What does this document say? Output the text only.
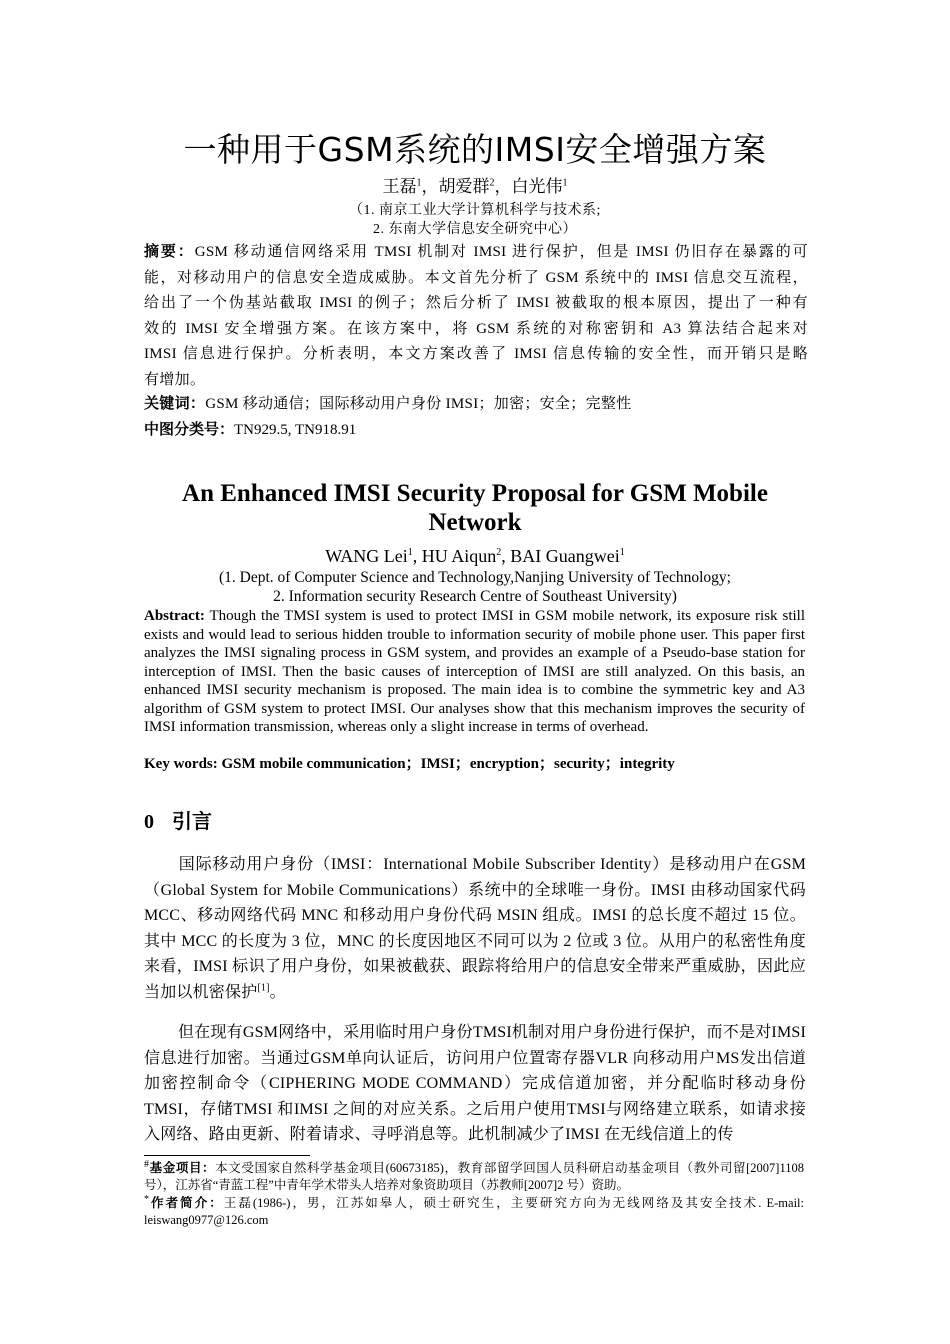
一种用于GSM系统的IMSI安全增强方案
王磊$^1$，胡爱群$^2$，白光伟$^1$
（1. 南京工业大学计算机科学与技术系;
2. 东南大学信息安全研究中心）
摘要：GSM 移动通信网络采用 TMSI 机制对 IMSI 进行保护，但是 IMSI 仍旧存在暴露的可
能，对移动用户的信息安全造成威胁。本文首先分析了 GSM 系统中的 IMSI 信息交互流程，
给出了一个伪基站截取 IMSI 的例子；然后分析了 IMSI 被截取的根本原因，提出了一种有
效的 IMSI 安全增强方案。在该方案中，将 GSM 系统的对称密钥和 A3 算法结合起来对
IMSI 信息进行保护。分析表明，本文方案改善了 IMSI 信息传输的安全性，而开销只是略
有增加。
关键词：GSM 移动通信；国际移动用户身份 IMSI；加密；安全；完整性
中图分类号：TN929.5, TN918.91
An Enhanced IMSI Security Proposal for GSM Mobile
Network
WANG Lei$^1$, HU Aiqun$^2$, BAI Guangwei$^1$
(1. Dept. of Computer Science and Technology,Nanjing University of Technology;
2. Information security Research Centre of Southeast University)
Abstract: Though the TMSI system is used to protect IMSI in GSM mobile network, its exposure risk still exists and would lead to serious hidden trouble to information security of mobile phone user. This paper first analyzes the IMSI signaling process in GSM system, and provides an example of a Pseudo-base station for interception of IMSI. Then the basic causes of interception of IMSI are still analyzed. On this basis, an enhanced IMSI security mechanism is proposed. The main idea is to combine the symmetric key and A3 algorithm of GSM system to protect IMSI. Our analyses show that this mechanism improves the security of IMSI information transmission, whereas only a slight increase in terms of overhead.
Key words: GSM mobile communication；IMSI；encryption；security；integrity
0 引言
国际移动用户身份（IMSI：International Mobile Subscriber Identity）是移动用户在GSM（Global System for Mobile Communications）系统中的全球唯一身份。IMSI 由移动国家代码 MCC、移动网络代码 MNC 和移动用户身份代码 MSIN 组成。IMSI 的总长度不超过 15 位。其中 MCC 的长度为 3 位，MNC 的长度因地区不同可以为 2 位或 3 位。从用户的私密性角度来看，IMSI 标识了用户身份，如果被截获、跟踪将给用户的信息安全带来严重威胁，因此应当加以机密保护[1]。
但在现有GSM网络中，采用临时用户身份TMSI机制对用户身份进行保护，而不是对IMSI 信息进行加密。当通过GSM单向认证后，访问用户位置寄存器VLR 向移动用户MS发出信道加密控制命令（CIPHERING MODE COMMAND）完成信道加密，并分配临时移动身份TMSI，存储TMSI 和IMSI 之间的对应关系。之后用户使用TMSI与网络建立联系，如请求接入网络、路由更新、附着请求、寻呼消息等。此机制减少了IMSI 在无线信道上的传
#基金项目：本文受国家自然科学基金项目(60673185)，教育部留学回国人员科研启动基金项目（教外司留[2007]1108 号），江苏省“青蓝工程”中青年学术带头人培养对象资助项目（苏教师[2007]2 号）资助。
*作者简介：王磊(1986-)，男，江苏如皋人，硕士研究生，主要研究方向为无线网络及其安全技术. E-mail: leiswang0977@126.com
